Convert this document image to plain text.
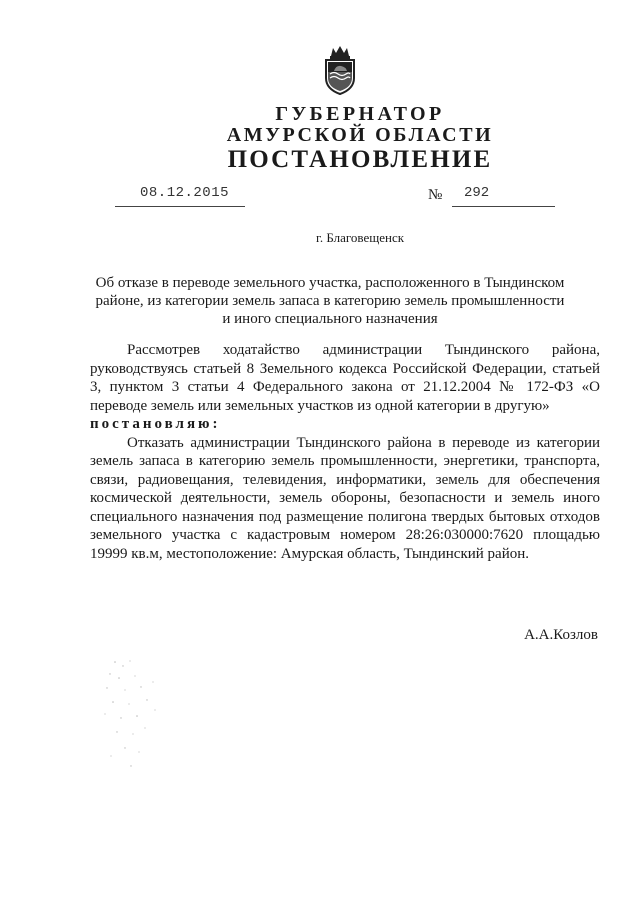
ГУБЕРНАТОР
АМУРСКОЙ ОБЛАСТИ
ПОСТАНОВЛЕНИЕ
08.12.2015	№ 292
г. Благовещенск
Об отказе в переводе земельного участка, расположенного в Тындинском районе, из категории земель запаса в категорию земель промышленности и иного специального назначения

Рассмотрев ходатайство администрации Тындинского района, руководствуясь статьей 8 Земельного кодекса Российской Федерации, статьей 3, пунктом 3 статьи 4 Федерального закона от 21.12.2004 № 172-ФЗ «О переводе земель или земельных участков из одной категории в другую»

постановляю:

Отказать администрации Тындинского района в переводе из категории земель запаса в категорию земель промышленности, энергетики, транспорта, связи, радиовещания, телевидения, информатики, земель для обеспечения космической деятельности, земель обороны, безопасности и земель иного специального назначения под размещение полигона твердых бытовых отходов земельного участка с кадастровым номером 28:26:030000:7620 площадью 19999 кв.м, местоположение: Амурская область, Тындинский район.

А.А.Козлов
